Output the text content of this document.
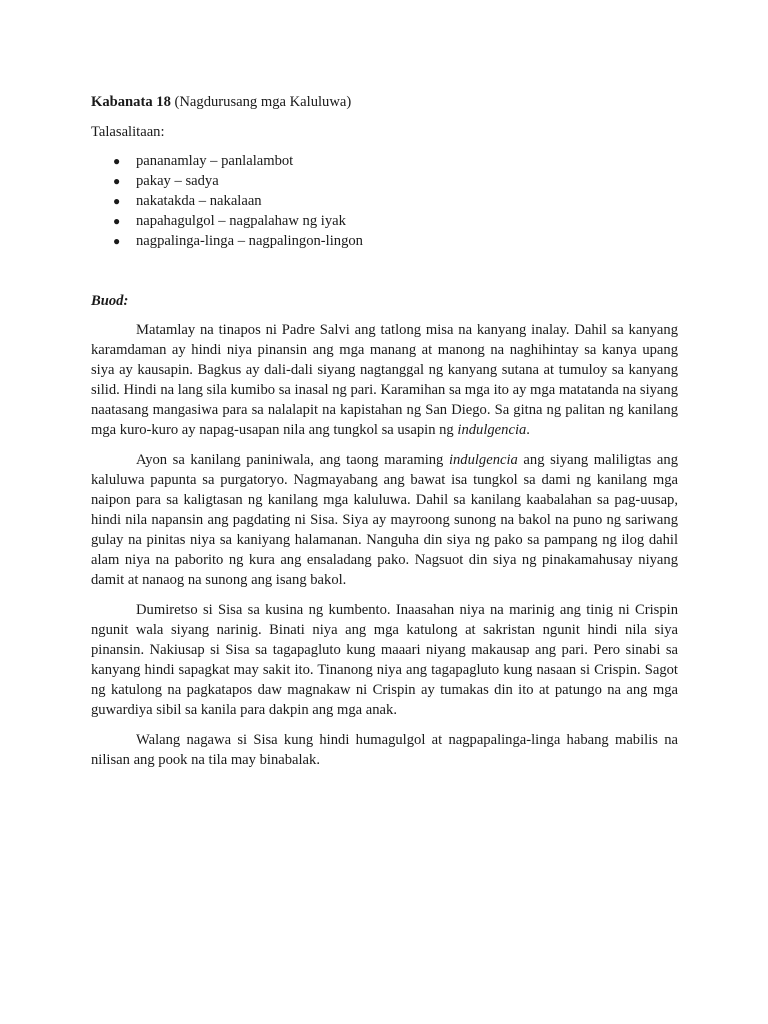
Kabanata 18 (Nagdurusang mga Kaluluwa)

Talasalitaan:

● pananamlay – panlalambot
● pakay – sadya
● nakatakda – nakalaan
● napahagulgol – nagpalahaw ng iyak
● nagpalinga-linga – nagpalingon-lingon

Buod:

Matamlay na tinapos ni Padre Salvi ang tatlong misa na kanyang inalay. Dahil sa kanyang karamdaman ay hindi niya pinansin ang mga manang at manong na naghihintay sa kanya upang siya ay kausapin. Bagkus ay dali-dali siyang nagtanggal ng kanyang sutana at tumuloy sa kanyang silid. Hindi na lang sila kumibo sa inasal ng pari. Karamihan sa mga ito ay mga matatanda na siyang naatasang mangasiwa para sa nalalapit na kapistahan ng San Diego. Sa gitna ng palitan ng kanilang mga kuro-kuro ay napag-usapan nila ang tungkol sa usapin ng indulgencia.

Ayon sa kanilang paniniwala, ang taong maraming indulgencia ang siyang maliligtas ang kaluluwa papunta sa purgatoryo. Nagmayabang ang bawat isa tungkol sa dami ng kanilang mga naipon para sa kaligtasan ng kanilang mga kaluluwa. Dahil sa kanilang kaabalahan sa pag-uusap, hindi nila napansin ang pagdating ni Sisa. Siya ay mayroong sunong na bakol na puno ng sariwang gulay na pinitas niya sa kaniyang halamanan. Nanguha din siya ng pako sa pampang ng ilog dahil alam niya na paborito ng kura ang ensaladang pako. Nagsuot din siya ng pinakamahusay niyang damit at nanaog na sunong ang isang bakol.

Dumiretso si Sisa sa kusina ng kumbento. Inaasahan niya na marinig ang tinig ni Crispin ngunit wala siyang narinig. Binati niya ang mga katulong at sakristan ngunit hindi nila siya pinansin. Nakiusap si Sisa sa tagapagluto kung maaari niyang makausap ang pari. Pero sinabi sa kanyang hindi sapagkat may sakit ito. Tinanong niya ang tagapagluto kung nasaan si Crispin. Sagot ng katulong na pagkatapos daw magnakaw ni Crispin ay tumakas din ito at patungo na ang mga guwardiya sibil sa kanila para dakpin ang mga anak.

Walang nagawa si Sisa kung hindi humagulgol at nagpapalinga-linga habang mabilis na nilisan ang pook na tila may binabalak.
